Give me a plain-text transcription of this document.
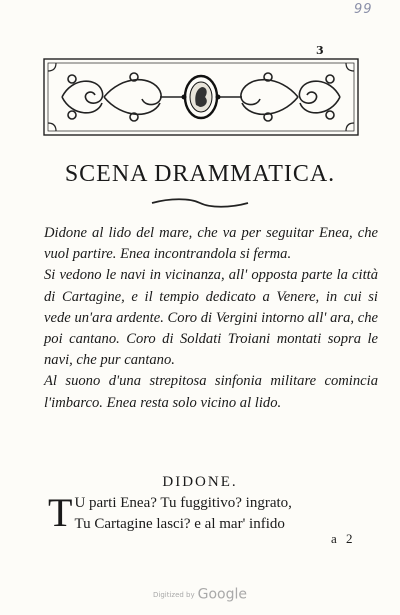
99
3
SCENA DRAMMATICA.

Didone al lido del mare, che va per seguitar Enea, che vuol partire. Enea incontrandola si ferma.

Si vedono le navi in vicinanza, all' opposta parte la città di Cartagine, e il tempio dedicato a Venere, in cui si vede un'ara ardente. Coro di Vergini intorno all' ara, che poi cantano. Coro di Soldati Troiani montati sopra le navi, che pur cantano.

Al suono d'una strepitosa sinfonia militare comincia l'imbarco. Enea resta solo vicino al lido.

DIDONE.
T U parti Enea? Tu fuggitivo? ingrato,
Tu Cartagine lasci? e al mar' infido
a 2
Digitized by Google
